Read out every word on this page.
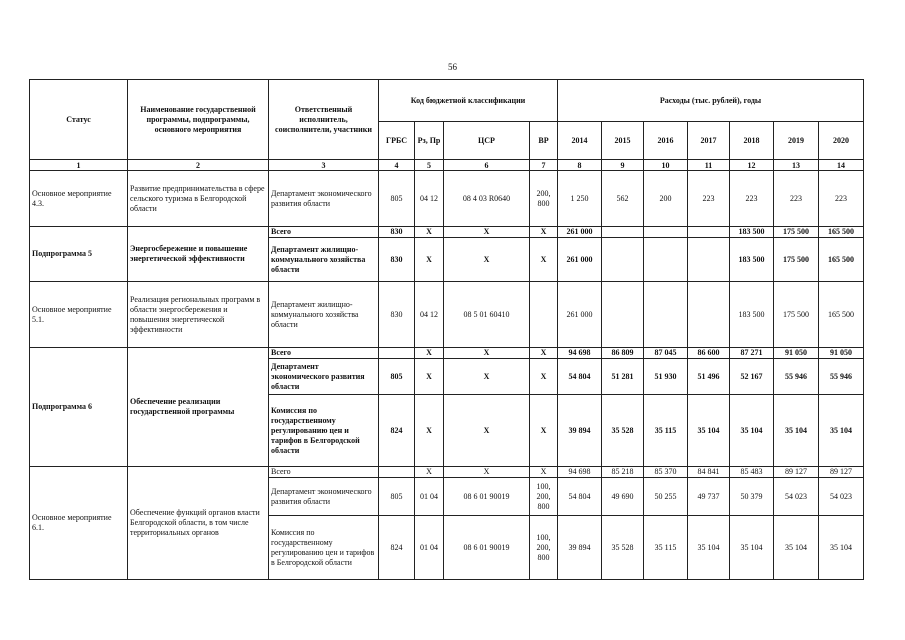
56
Статус	Наименование государственной программы, подпрограммы, основного мероприятия	Ответственный исполнитель, соисполнители, участники	Код бюджетной классификации				Расходы (тыс. рублей), годы						
			ГРБС	Рз, Пр	ЦСР	ВР	2014	2015	2016	2017	2018	2019	2020
1	2	3	4	5	6	7	8	9	10	11	12	13	14
Основное мероприятие 4.3.	Развитие предпринимательства в сфере сельского туризма в Белгородской области	Департамент экономического развития области	805	04 12	08 4 03 R0640	200, 800	1 250	562	200	223	223	223	223
Подпрограмма 5	Энергосбережение и повышение энергетической эффективности	Всего	830	Х	Х	Х	261 000				183 500	175 500	165 500
		Департамент жилищно-коммунального хозяйства области	830	Х	Х	Х	261 000				183 500	175 500	165 500
Основное мероприятие 5.1.	Реализация региональных программ в области энергосбережения и повышения энергетической эффективности	Департамент жилищно-коммунального хозяйства области	830	04 12	08 5 01 60410		261 000				183 500	175 500	165 500
Подпрограмма 6	Обеспечение реализации государственной программы	Всего		Х	Х	Х	94 698	86 809	87 045	86 600	87 271	91 050	91 050
		Департамент экономического развития области	805	Х	Х	Х	54 804	51 281	51 930	51 496	52 167	55 946	55 946
		Комиссия по государственному регулированию цен и тарифов в Белгородской области	824	Х	Х	Х	39 894	35 528	35 115	35 104	35 104	35 104	35 104
Основное мероприятие 6.1.	Обеспечение функций органов власти Белгородской области, в том числе территориальных органов	Всего		Х	Х	Х	94 698	85 218	85 370	84 841	85 483	89 127	89 127
		Департамент экономического развития области	805	01 04	08 6 01 90019	100, 200, 800	54 804	49 690	50 255	49 737	50 379	54 023	54 023
		Комиссия по государственному регулированию цен и тарифов в Белгородской области	824	01 04	08 6 01 90019	100, 200, 800	39 894	35 528	35 115	35 104	35 104	35 104	35 104
